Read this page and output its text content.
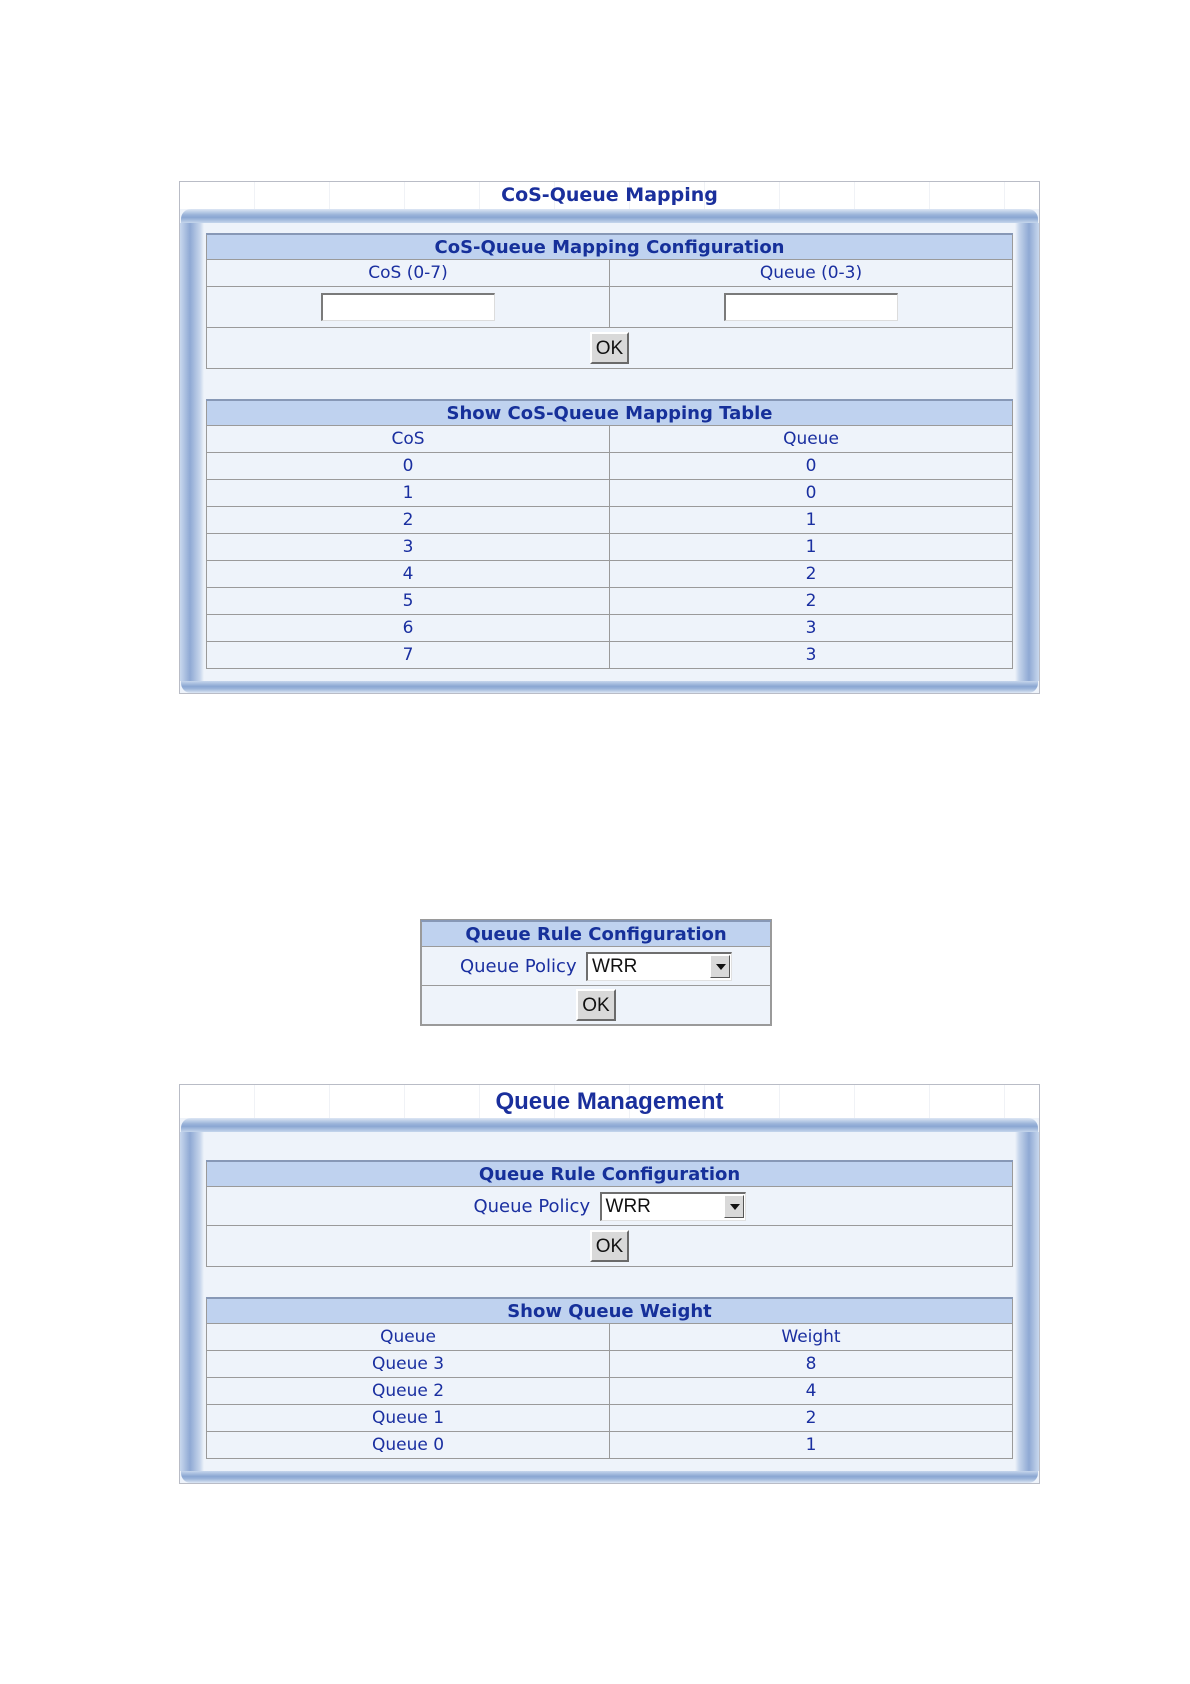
CoS-Queue Mapping
CoS-Queue Mapping Configuration	
CoS (0-7)	Queue (0-3)

OK	
Show CoS-Queue Mapping Table	
CoS	Queue
0	0
1	0
2	1
3	1
4	2
5	2
6	3
7	3
Queue Rule Configuration
Queue Policy WRR

OK
Queue Management
Queue Rule Configuration
Queue Policy WRR

OK
Show Queue Weight	
Queue	Weight
Queue 3	8
Queue 2	4
Queue 1	2
Queue 0	1
